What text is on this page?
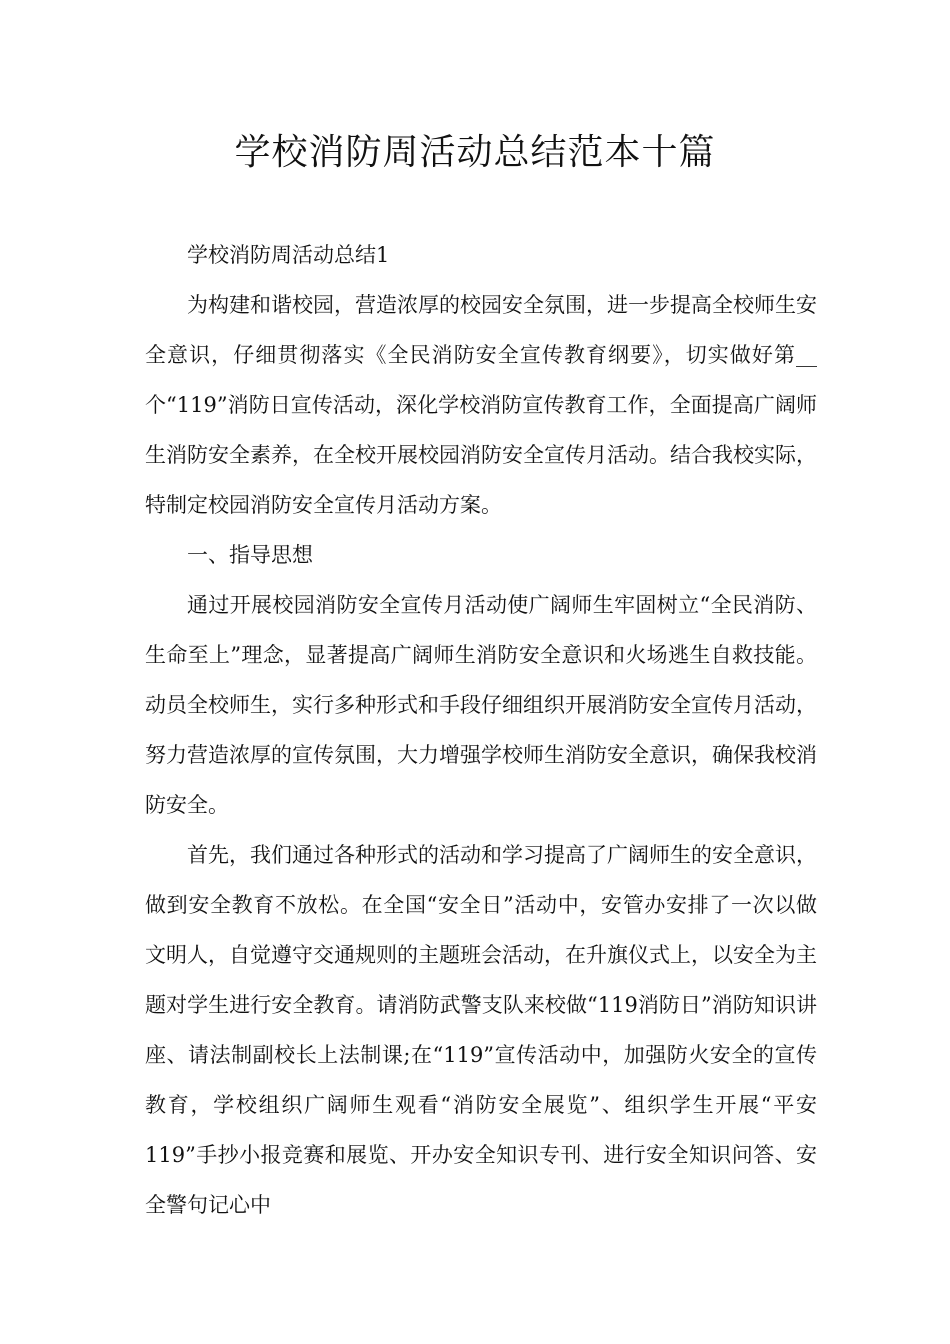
学校消防周活动总结范本十篇

学校消防周活动总结1

为构建和谐校园，营造浓厚的校园安全氛围，进一步提高全校师生安全意识，仔细贯彻落实《全民消防安全宣传教育纲要》，切实做好第__个“119”消防日宣传活动，深化学校消防宣传教育工作，全面提高广阔师生消防安全素养，在全校开展校园消防安全宣传月活动。结合我校实际，特制定校园消防安全宣传月活动方案。

一、指导思想

通过开展校园消防安全宣传月活动使广阔师生牢固树立“全民消防、生命至上”理念，显著提高广阔师生消防安全意识和火场逃生自救技能。动员全校师生，实行多种形式和手段仔细组织开展消防安全宣传月活动，努力营造浓厚的宣传氛围，大力增强学校师生消防安全意识，确保我校消防安全。

首先，我们通过各种形式的活动和学习提高了广阔师生的安全意识，做到安全教育不放松。在全国“安全日”活动中，安管办安排了一次以做文明人，自觉遵守交通规则的主题班会活动，在升旗仪式上，以安全为主题对学生进行安全教育。请消防武警支队来校做“119消防日”消防知识讲座、请法制副校长上法制课;在“119”宣传活动中，加强防火安全的宣传教育，学校组织广阔师生观看“消防安全展览”、组织学生开展“平安119”手抄小报竞赛和展览、开办安全知识专刊、进行安全知识问答、安全警句记心中
